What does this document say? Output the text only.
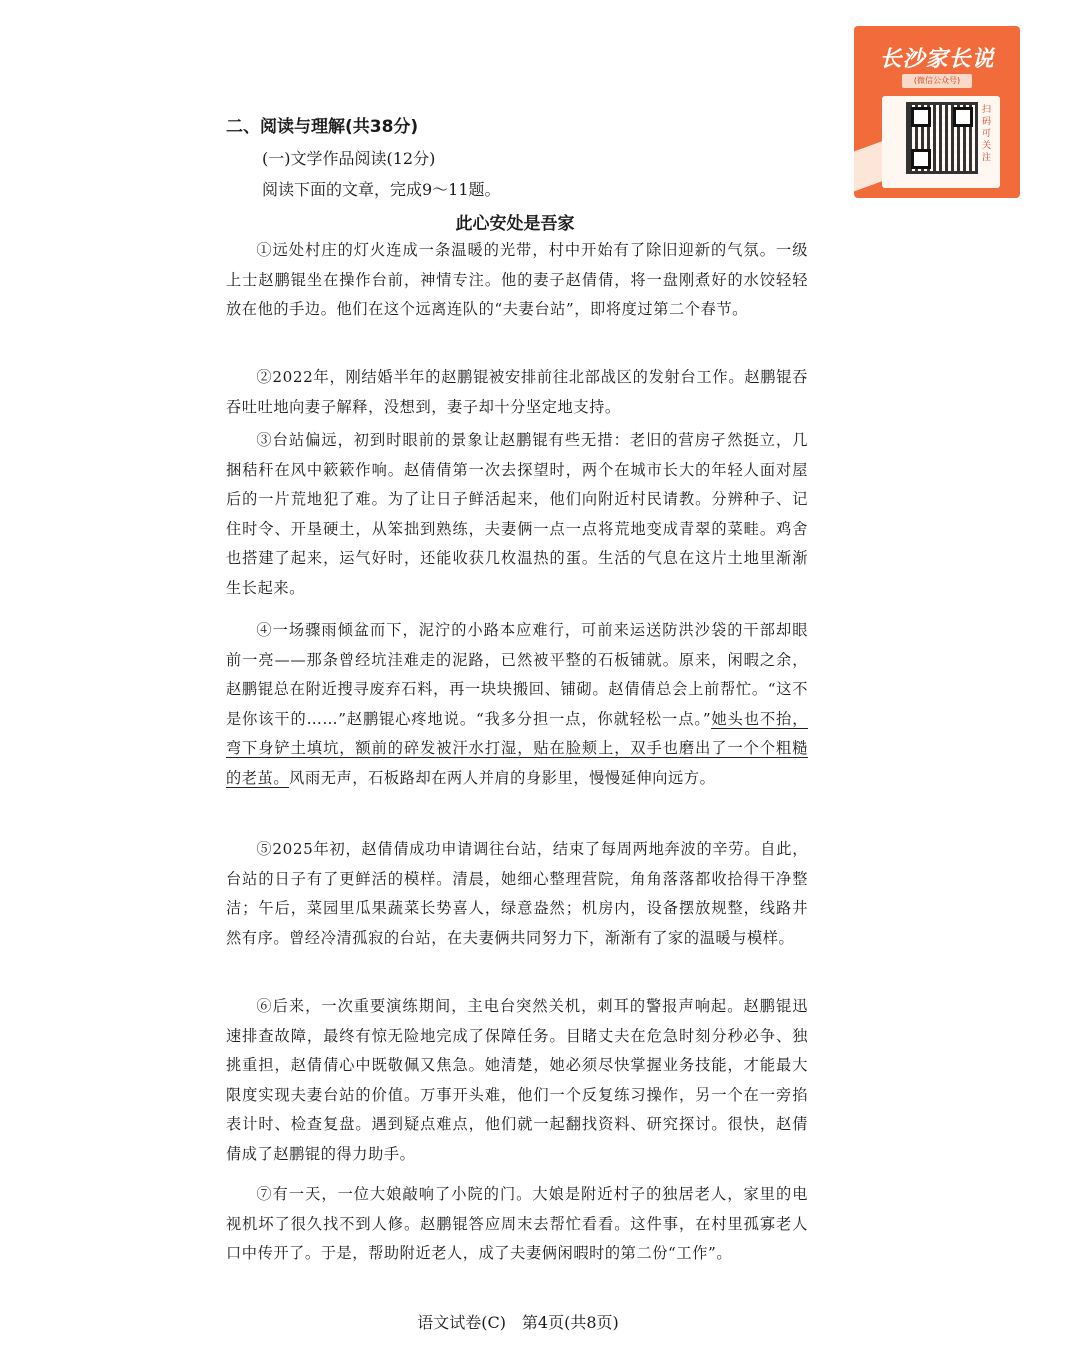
长沙家长说
(微信公众号)
扫码可关注
二、阅读与理解(共38分)
(一)文学作品阅读(12分)
阅读下面的文章，完成9～11题。
此心安处是吾家

①远处村庄的灯火连成一条温暖的光带，村中开始有了除旧迎新的气氛。一级上士赵鹏锟坐在操作台前，神情专注。他的妻子赵倩倩，将一盘刚煮好的水饺轻轻放在他的手边。他们在这个远离连队的“夫妻台站”，即将度过第二个春节。

②2022年，刚结婚半年的赵鹏锟被安排前往北部战区的发射台工作。赵鹏锟吞吞吐吐地向妻子解释，没想到，妻子却十分坚定地支持。

③台站偏远，初到时眼前的景象让赵鹏锟有些无措：老旧的营房孑然挺立，几捆秸秆在风中簌簌作响。赵倩倩第一次去探望时，两个在城市长大的年轻人面对屋后的一片荒地犯了难。为了让日子鲜活起来，他们向附近村民请教。分辨种子、记住时令、开垦硬土，从笨拙到熟练，夫妻俩一点一点将荒地变成青翠的菜畦。鸡舍也搭建了起来，运气好时，还能收获几枚温热的蛋。生活的气息在这片土地里渐渐生长起来。

④一场骤雨倾盆而下，泥泞的小路本应难行，可前来运送防洪沙袋的干部却眼前一亮——那条曾经坑洼难走的泥路，已然被平整的石板铺就。原来，闲暇之余，赵鹏锟总在附近搜寻废弃石料，再一块块搬回、铺砌。赵倩倩总会上前帮忙。“这不是你该干的……”赵鹏锟心疼地说。“我多分担一点，你就轻松一点。”她头也不抬，弯下身铲土填坑，额前的碎发被汗水打湿，贴在脸颊上，双手也磨出了一个个粗糙的老茧。风雨无声，石板路却在两人并肩的身影里，慢慢延伸向远方。

⑤2025年初，赵倩倩成功申请调往台站，结束了每周两地奔波的辛劳。自此，台站的日子有了更鲜活的模样。清晨，她细心整理营院，角角落落都收拾得干净整洁；午后，菜园里瓜果蔬菜长势喜人，绿意盎然；机房内，设备摆放规整，线路井然有序。曾经冷清孤寂的台站，在夫妻俩共同努力下，渐渐有了家的温暖与模样。

⑥后来，一次重要演练期间，主电台突然关机，刺耳的警报声响起。赵鹏锟迅速排查故障，最终有惊无险地完成了保障任务。目睹丈夫在危急时刻分秒必争、独挑重担，赵倩倩心中既敬佩又焦急。她清楚，她必须尽快掌握业务技能，才能最大限度实现夫妻台站的价值。万事开头难，他们一个反复练习操作，另一个在一旁掐表计时、检查复盘。遇到疑点难点，他们就一起翻找资料、研究探讨。很快，赵倩倩成了赵鹏锟的得力助手。

⑦有一天，一位大娘敲响了小院的门。大娘是附近村子的独居老人，家里的电视机坏了很久找不到人修。赵鹏锟答应周末去帮忙看看。这件事，在村里孤寡老人口中传开了。于是，帮助附近老人，成了夫妻俩闲暇时的第二份“工作”。

语文试卷(C)　第4页(共8页)
